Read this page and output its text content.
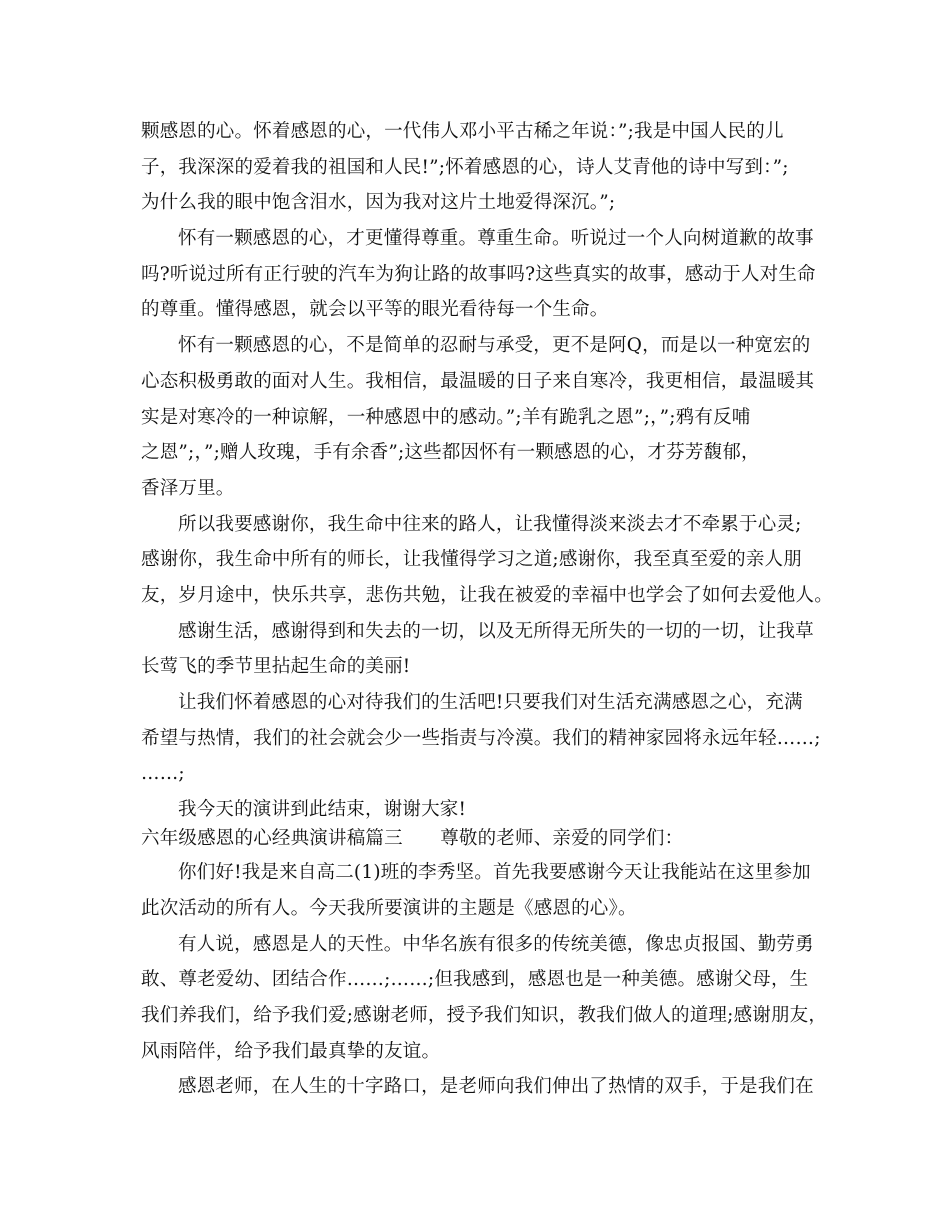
颗感恩的心。怀着感恩的心，一代伟人邓小平古稀之年说：”;我是中国人民的儿
子，我深深的爱着我的祖国和人民!”;怀着感恩的心，诗人艾青他的诗中写到：”;
为什么我的眼中饱含泪水，因为我对这片土地爱得深沉。”;
怀有一颗感恩的心，才更懂得尊重。尊重生命。听说过一个人向树道歉的故事
吗?听说过所有正行驶的汽车为狗让路的故事吗?这些真实的故事，感动于人对生命
的尊重。懂得感恩，就会以平等的眼光看待每一个生命。
怀有一颗感恩的心，不是简单的忍耐与承受，更不是阿Q，而是以一种宽宏的
心态积极勇敢的面对人生。我相信，最温暖的日子来自寒冷，我更相信，最温暖其
实是对寒冷的一种谅解，一种感恩中的感动。”;羊有跪乳之恩”;，”;鸦有反哺
之恩”;，”;赠人玫瑰，手有余香”;这些都因怀有一颗感恩的心，才芬芳馥郁，
香泽万里。
所以我要感谢你，我生命中往来的路人，让我懂得淡来淡去才不牵累于心灵;
感谢你，我生命中所有的师长，让我懂得学习之道;感谢你，我至真至爱的亲人朋
友，岁月途中，快乐共享，悲伤共勉，让我在被爱的幸福中也学会了如何去爱他人。
感谢生活，感谢得到和失去的一切，以及无所得无所失的一切的一切，让我草
长莺飞的季节里拈起生命的美丽!
让我们怀着感恩的心对待我们的生活吧!只要我们对生活充满感恩之心，充满
希望与热情，我们的社会就会少一些指责与冷漠。我们的精神家园将永远年轻……;
……;
我今天的演讲到此结束，谢谢大家!
六年级感恩的心经典演讲稿篇三　　尊敬的老师、亲爱的同学们：
你们好!我是来自高二(1)班的李秀坚。首先我要感谢今天让我能站在这里参加
此次活动的所有人。今天我所要演讲的主题是《感恩的心》。
有人说，感恩是人的天性。中华名族有很多的传统美德，像忠贞报国、勤劳勇
敢、尊老爱幼、团结合作……;……;但我感到，感恩也是一种美德。感谢父母，生
我们养我们，给予我们爱;感谢老师，授予我们知识，教我们做人的道理;感谢朋友，
风雨陪伴，给予我们最真挚的友谊。
感恩老师，在人生的十字路口，是老师向我们伸出了热情的双手，于是我们在
